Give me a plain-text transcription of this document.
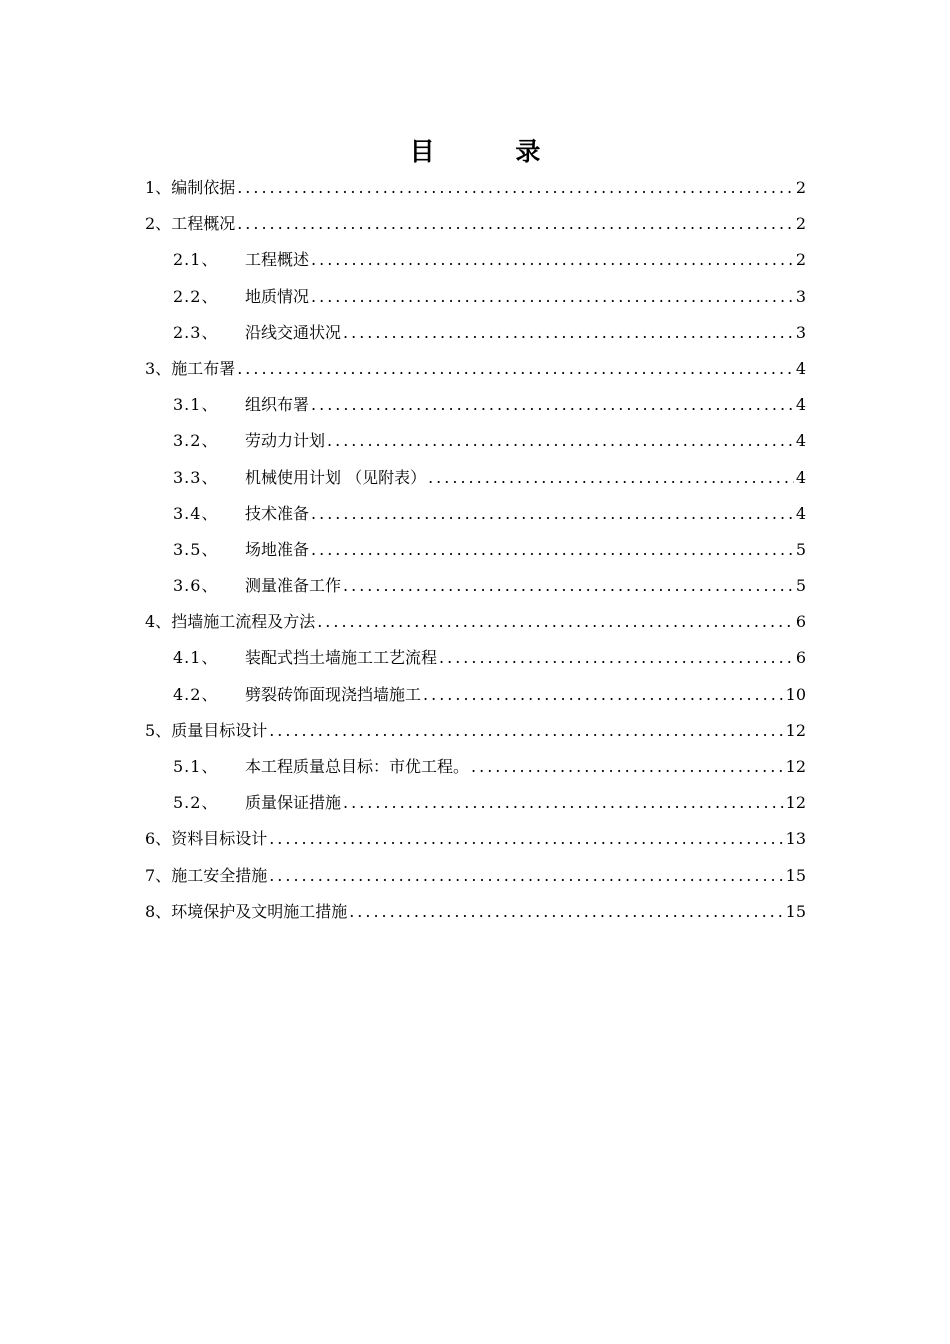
目 录
1、 编制依据 .....	2
2、 工程概况 .....	2
2.1、	工程概述 .....	2
2.2、	地质情况 .....	3
2.3、	沿线交通状况 .....	3
3、 施工布署 .....	4
3.1、	组织布署 .....	4
3.2、	劳动力计划 .....	4
3.3、	机械使用计划 （见附表） .....	4
3.4、	技术准备 .....	4
3.5、	场地准备 .....	5
3.6、	测量准备工作 .....	5
4、 挡墙施工流程及方法 .....	6
4.1、	装配式挡土墙施工工艺流程 .....	6
4.2、	劈裂砖饰面现浇挡墙施工 .....	10
5、 质量目标设计 .....	12
5.1、	本工程质量总目标：市优工程。 .....	12
5.2、	质量保证措施 .....	12
6、 资料目标设计 .....	13
7、 施工安全措施 .....	15
8、 环境保护及文明施工措施 .....	15
